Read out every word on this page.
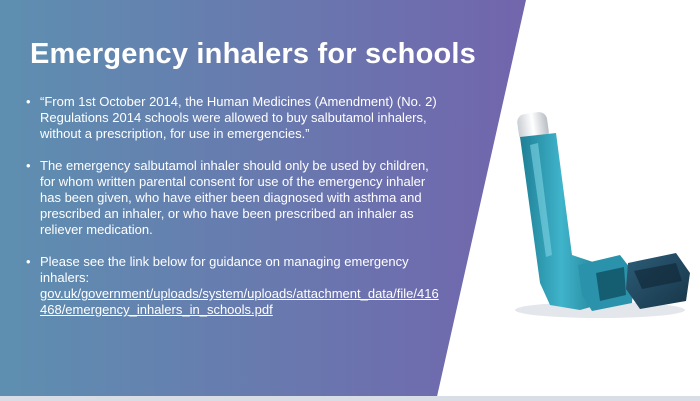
Emergency inhalers for schools
• “From 1st October 2014, the Human Medicines (Amendment) (No. 2) Regulations 2014 schools were allowed to buy salbutamol inhalers, without a prescription, for use in emergencies.”
• The emergency salbutamol inhaler should only be used by children, for whom written parental consent for use of the emergency inhaler has been given, who have either been diagnosed with asthma and prescribed an inhaler, or who have been prescribed an inhaler as reliever medication.
• Please see the link below for guidance on managing emergency inhalers:
gov.uk/government/uploads/system/uploads/attachment_data/file/416468/emergency_inhalers_in_schools.pdf
